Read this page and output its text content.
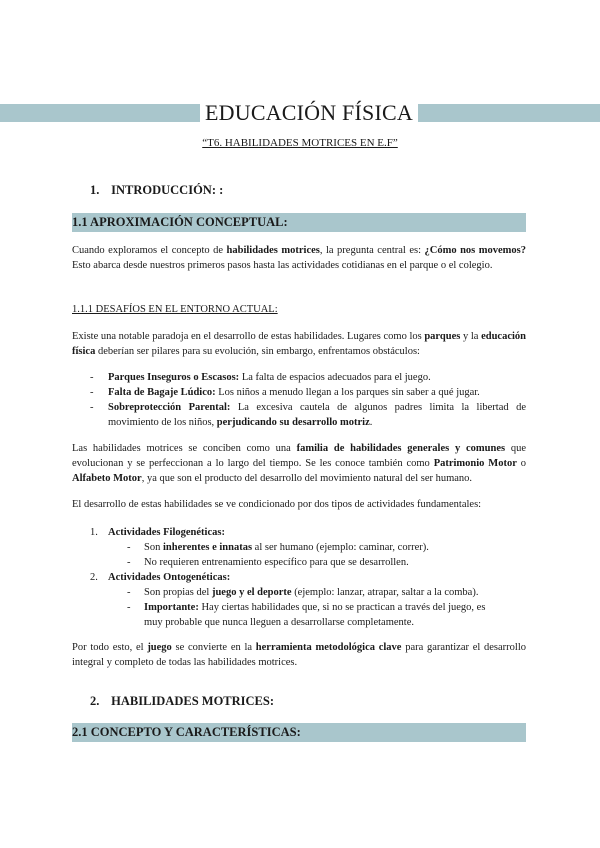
EDUCACIÓN FÍSICA
“T6. HABILIDADES MOTRICES EN E.F”
1. INTRODUCCIÓN: :
1.1 APROXIMACIÓN CONCEPTUAL:
Cuando exploramos el concepto de habilidades motrices, la pregunta central es: ¿Cómo nos movemos? Esto abarca desde nuestros primeros pasos hasta las actividades cotidianas en el parque o el colegio.
1.1.1 DESAFÍOS EN EL ENTORNO ACTUAL:
Existe una notable paradoja en el desarrollo de estas habilidades. Lugares como los parques y la educación física deberían ser pilares para su evolución, sin embargo, enfrentamos obstáculos:
- Parques Inseguros o Escasos: La falta de espacios adecuados para el juego.
- Falta de Bagaje Lúdico: Los niños a menudo llegan a los parques sin saber a qué jugar.
- Sobreprotección Parental: La excesiva cautela de algunos padres limita la libertad de movimiento de los niños, perjudicando su desarrollo motriz.
Las habilidades motrices se conciben como una familia de habilidades generales y comunes que evolucionan y se perfeccionan a lo largo del tiempo. Se les conoce también como Patrimonio Motor o Alfabeto Motor, ya que son el producto del desarrollo del movimiento natural del ser humano.
El desarrollo de estas habilidades se ve condicionado por dos tipos de actividades fundamentales:
1. Actividades Filogenéticas:
- Son inherentes e innatas al ser humano (ejemplo: caminar, correr).
- No requieren entrenamiento específico para que se desarrollen.
2. Actividades Ontogenéticas:
- Son propias del juego y el deporte (ejemplo: lanzar, atrapar, saltar a la comba).
- Importante: Hay ciertas habilidades que, si no se practican a través del juego, es muy probable que nunca lleguen a desarrollarse completamente.
Por todo esto, el juego se convierte en la herramienta metodológica clave para garantizar el desarrollo integral y completo de todas las habilidades motrices.
2. HABILIDADES MOTRICES:
2.1 CONCEPTO Y CARACTERÍSTICAS:
